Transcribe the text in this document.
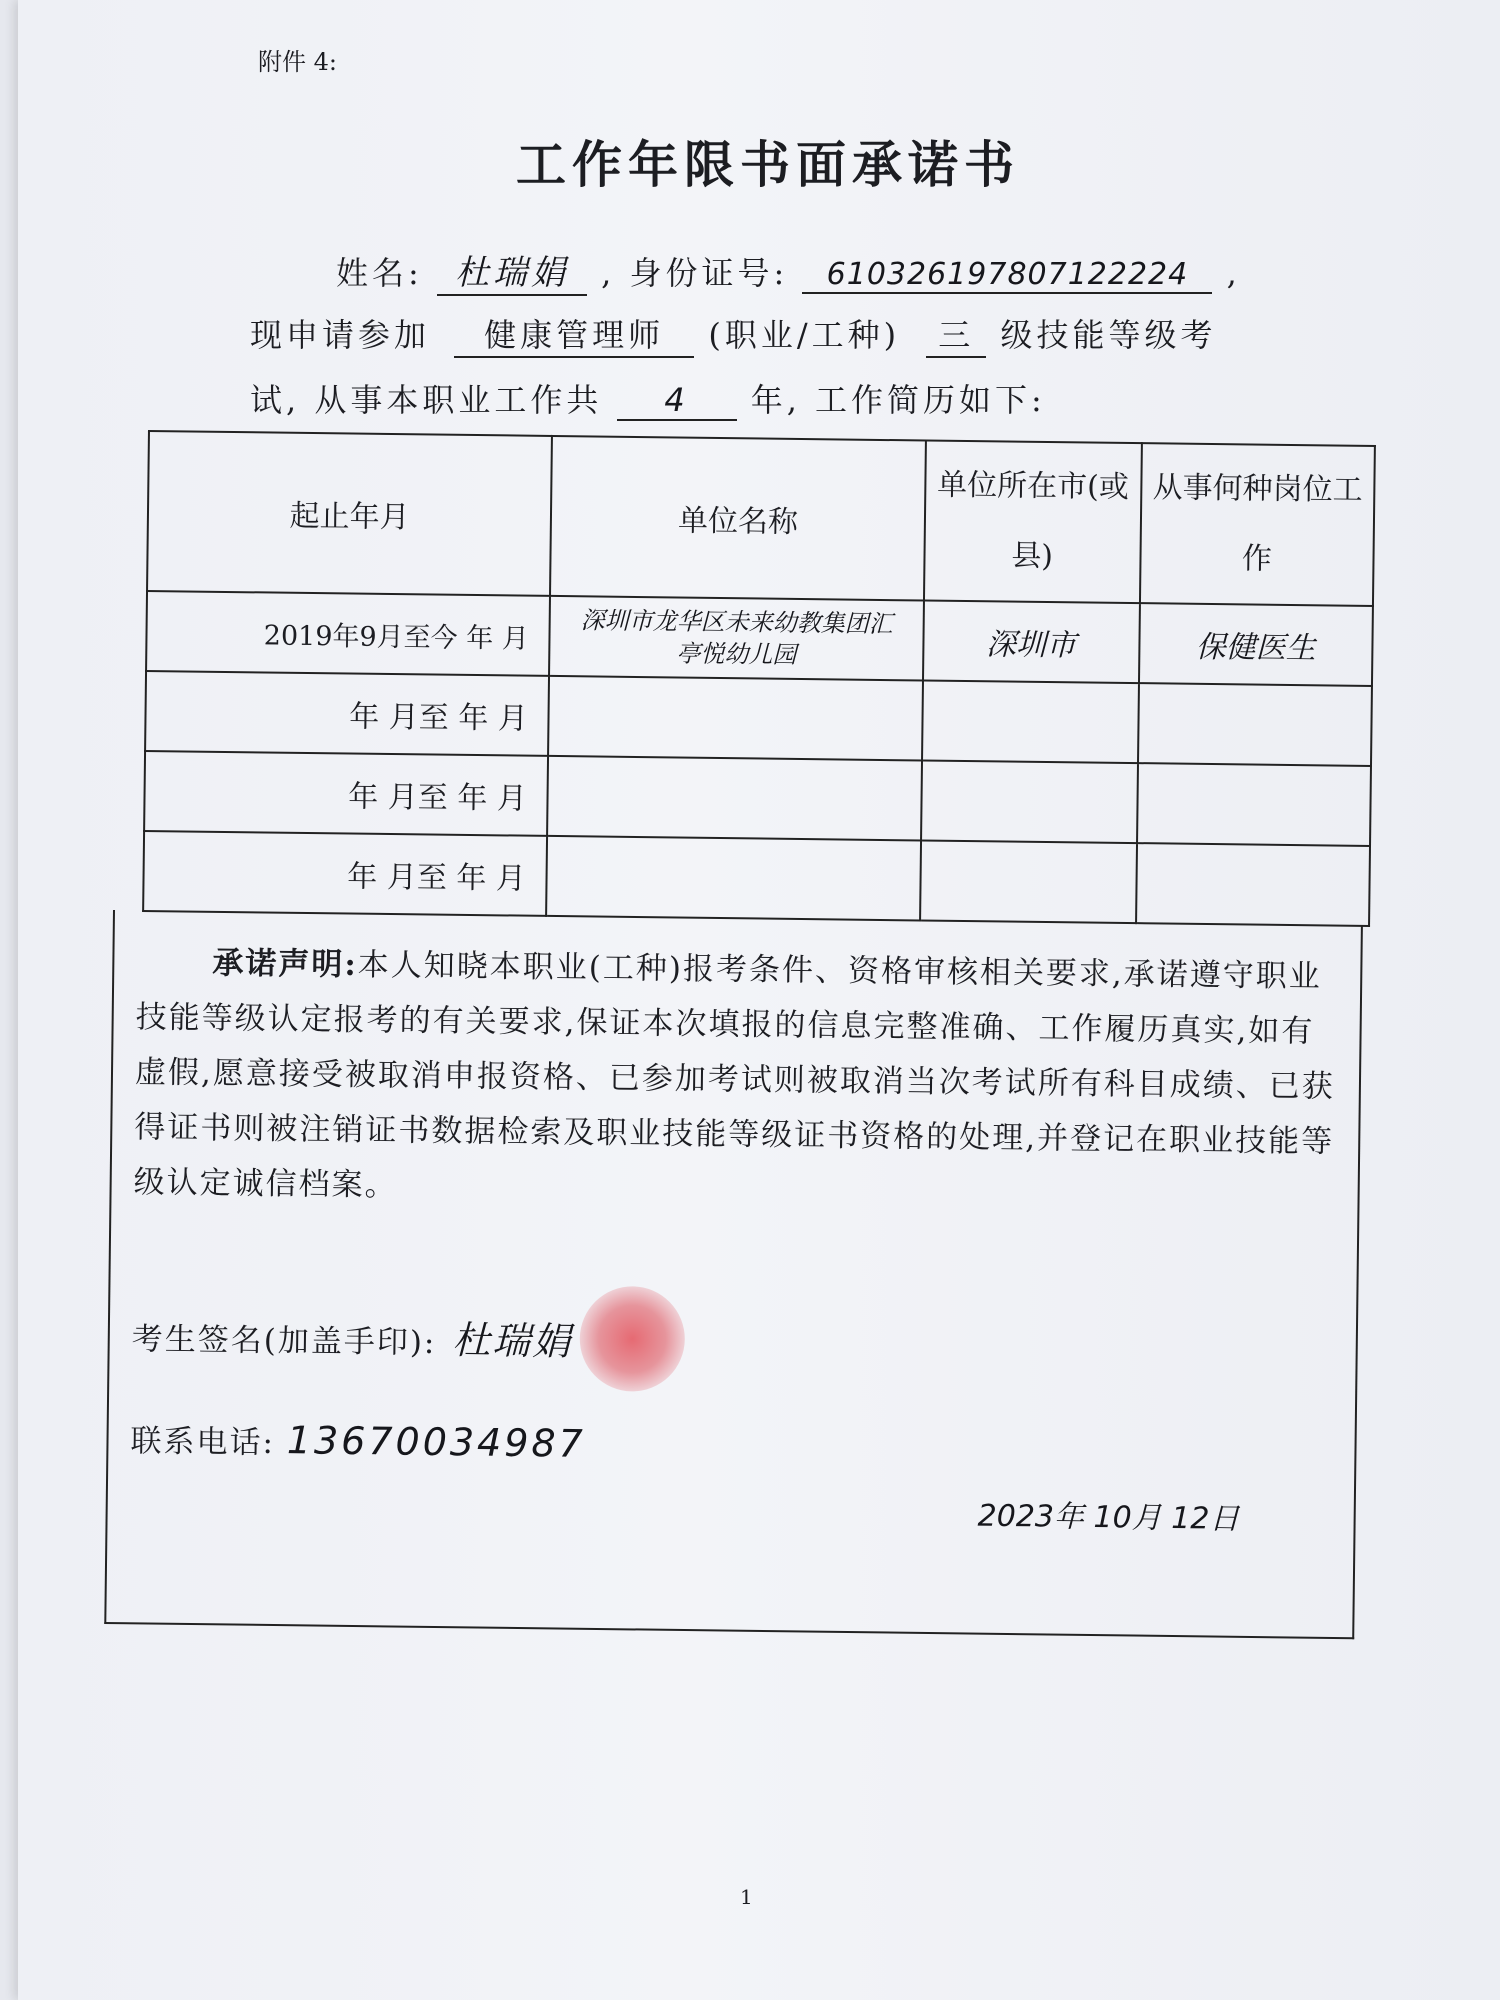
附件 4:
工作年限书面承诺书
姓名: 杜瑞娟 , 身份证号: 610326197807122224 ,
现申请参加 健康管理师 (职业/工种) 三 级技能等级考
试, 从事本职业工作共 4 年, 工作简历如下:
起止年月	单位名称	单位所在市(或县)	从事何种岗位工作
2019年9月至今 年 月	深圳市龙华区未来幼教集团汇亭悦幼儿园	深圳市	保健医生
年 月至 年 月			
年 月至 年 月			
年 月至 年 月			
承诺声明:本人知晓本职业(工种)报考条件、资格审核相关要求,承诺遵守职业技能等级认定报考的有关要求,保证本次填报的信息完整准确、工作履历真实,如有虚假,愿意接受被取消申报资格、已参加考试则被取消当次考试所有科目成绩、已获得证书则被注销证书数据检索及职业技能等级证书资格的处理,并登记在职业技能等级认定诚信档案。
考生签名(加盖手印): 杜瑞娟
联系电话: 13670034987
2023年 10月 12日
1
